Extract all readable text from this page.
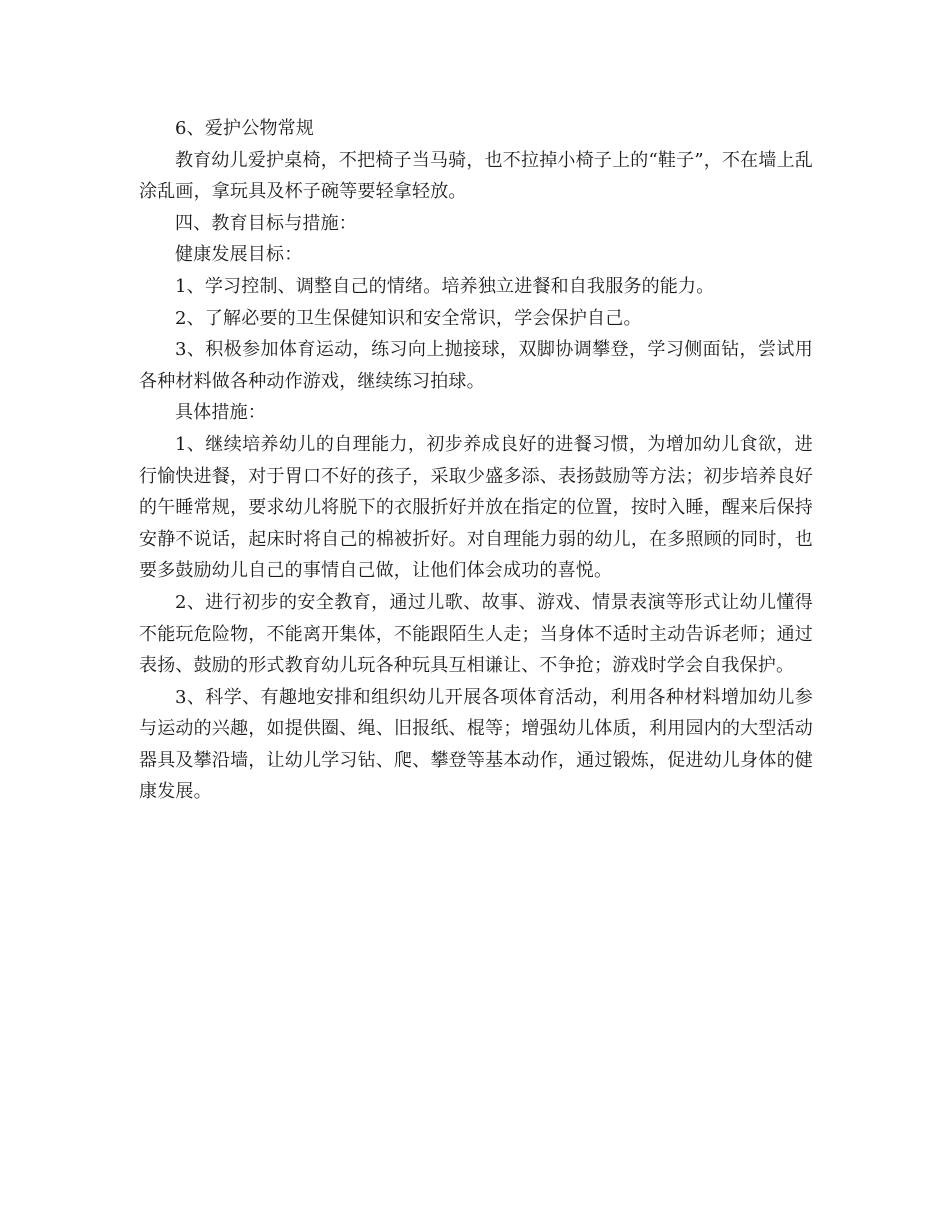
6、爱护公物常规

教育幼儿爱护桌椅，不把椅子当马骑，也不拉掉小椅子上的“鞋子”，不在墙上乱涂乱画，拿玩具及杯子碗等要轻拿轻放。

四、教育目标与措施：

健康发展目标：

1、学习控制、调整自己的情绪。培养独立进餐和自我服务的能力。

2、了解必要的卫生保健知识和安全常识，学会保护自己。

3、积极参加体育运动，练习向上抛接球，双脚协调攀登，学习侧面钻，尝试用各种材料做各种动作游戏，继续练习拍球。

具体措施：

1、继续培养幼儿的自理能力，初步养成良好的进餐习惯，为增加幼儿食欲，进行愉快进餐，对于胃口不好的孩子，采取少盛多添、表扬鼓励等方法；初步培养良好的午睡常规，要求幼儿将脱下的衣服折好并放在指定的位置，按时入睡，醒来后保持安静不说话，起床时将自己的棉被折好。对自理能力弱的幼儿，在多照顾的同时，也要多鼓励幼儿自己的事情自己做，让他们体会成功的喜悦。

2、进行初步的安全教育，通过儿歌、故事、游戏、情景表演等形式让幼儿懂得不能玩危险物，不能离开集体，不能跟陌生人走；当身体不适时主动告诉老师；通过表扬、鼓励的形式教育幼儿玩各种玩具互相谦让、不争抢；游戏时学会自我保护。

3、科学、有趣地安排和组织幼儿开展各项体育活动，利用各种材料增加幼儿参与运动的兴趣，如提供圈、绳、旧报纸、棍等；增强幼儿体质，利用园内的大型活动器具及攀沿墙，让幼儿学习钻、爬、攀登等基本动作，通过锻炼，促进幼儿身体的健康发展。
